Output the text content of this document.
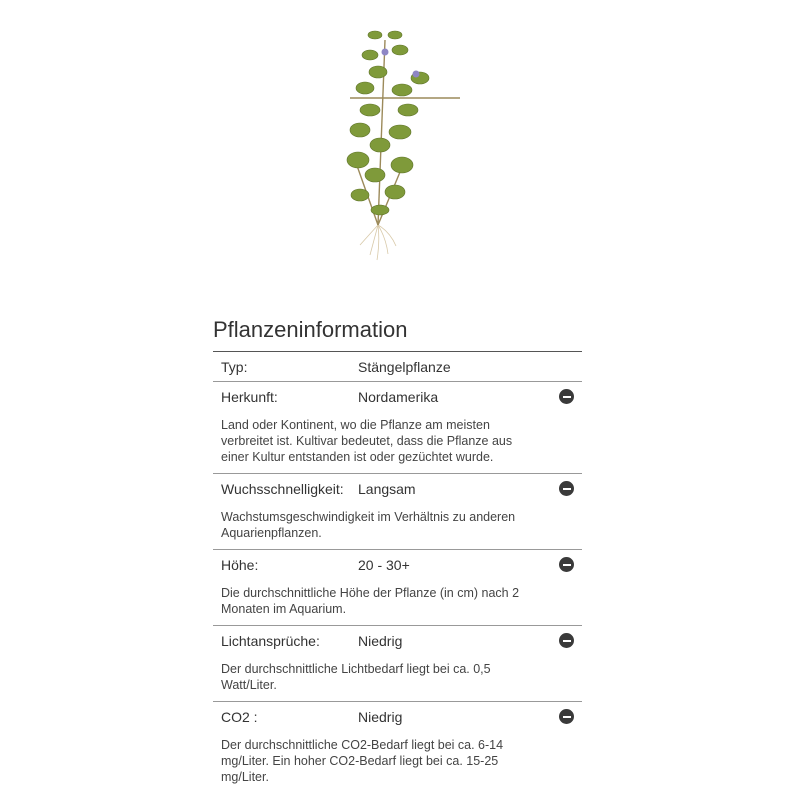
Pflanzeninformation
Typ:	Stängelpflanze
Herkunft:	Nordamerika

Land oder Kontinent, wo die Pflanze am meisten verbreitet ist. Kultivar bedeutet, dass die Pflanze aus einer Kultur entstanden ist oder gezüchtet wurde.

Wuchsschnelligkeit:	Langsam

Wachstumsgeschwindigkeit im Verhältnis zu anderen Aquarienpflanzen.

Höhe:	20 - 30+

Die durchschnittliche Höhe der Pflanze (in cm) nach 2 Monaten im Aquarium.

Lichtansprüche:	Niedrig

Der durchschnittliche Lichtbedarf liegt bei ca. 0,5 Watt/Liter.

CO2 :	Niedrig

Der durchschnittliche CO2-Bedarf liegt bei ca. 6-14 mg/Liter. Ein hoher CO2-Bedarf liegt bei ca. 15-25 mg/Liter.
